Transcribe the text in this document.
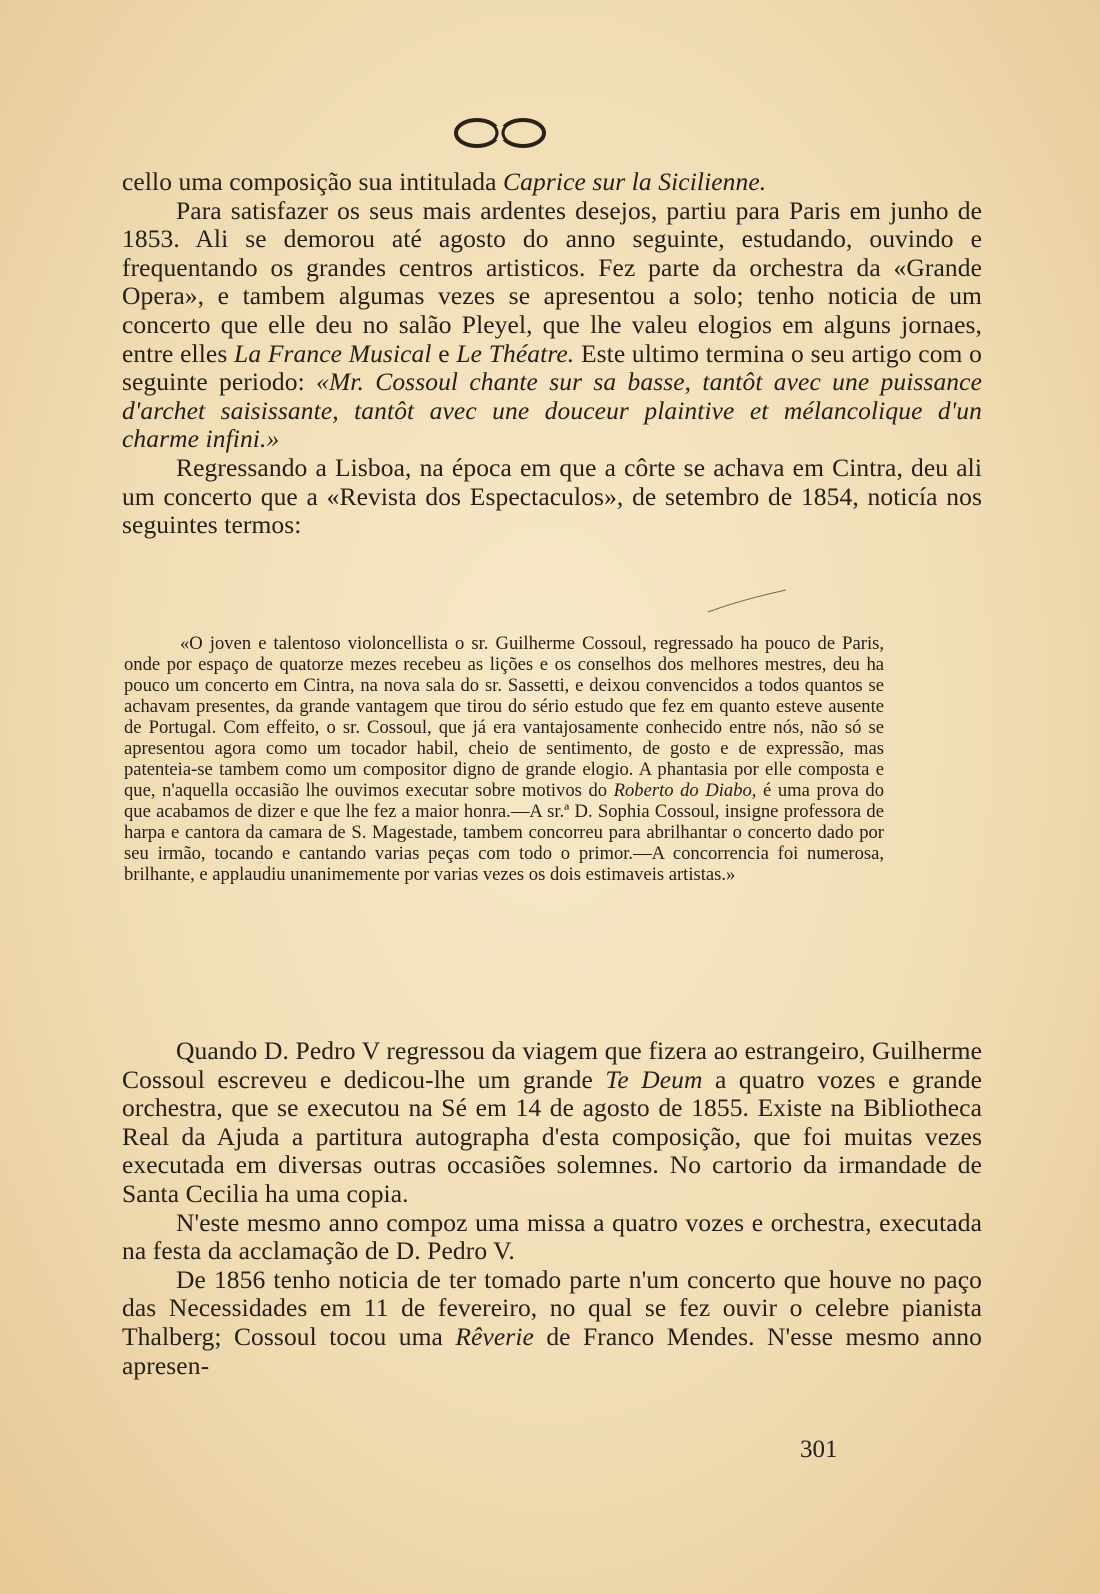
cello uma composição sua intitulada Caprice sur la Sicilienne.

Para satisfazer os seus mais ardentes desejos, partiu para Paris em junho de 1853. Ali se demorou até agosto do anno seguinte, estudando, ouvindo e frequentando os grandes centros artisticos. Fez parte da orchestra da «Grande Opera», e tambem algumas vezes se apresentou a solo; tenho noticia de um concerto que elle deu no salão Pleyel, que lhe valeu elogios em alguns jornaes, entre elles La France Musical e Le Théatre. Este ultimo termina o seu artigo com o seguinte periodo: «Mr. Cossoul chante sur sa basse, tantôt avec une puissance d'archet saisissante, tantôt avec une douceur plaintive et mélancolique d'un charme infini.»

Regressando a Lisboa, na época em que a côrte se achava em Cintra, deu ali um concerto que a «Revista dos Espectaculos», de setembro de 1854, noticía nos seguintes termos:

«O joven e talentoso violoncellista o sr. Guilherme Cossoul, regressado ha pouco de Paris, onde por espaço de quatorze mezes recebeu as lições e os conselhos dos melhores mestres, deu ha pouco um concerto em Cintra, na nova sala do sr. Sassetti, e deixou convencidos a todos quantos se achavam presentes, da grande vantagem que tirou do sério estudo que fez em quanto esteve ausente de Portugal. Com effeito, o sr. Cossoul, que já era vantajosamente conhecido entre nós, não só se apresentou agora como um tocador habil, cheio de sentimento, de gosto e de expressão, mas patenteia-se tambem como um compositor digno de grande elogio. A phantasia por elle composta e que, n'aquella occasião lhe ouvimos executar sobre motivos do Roberto do Diabo, é uma prova do que acabamos de dizer e que lhe fez a maior honra.—A sr.ª D. Sophia Cossoul, insigne professora de harpa e cantora da camara de S. Magestade, tambem concorreu para abrilhantar o concerto dado por seu irmão, tocando e cantando varias peças com todo o primor.—A concorrencia foi numerosa, brilhante, e applaudiu unanimemente por varias vezes os dois estimaveis artistas.»

Quando D. Pedro V regressou da viagem que fizera ao estrangeiro, Guilherme Cossoul escreveu e dedicou-lhe um grande Te Deum a quatro vozes e grande orchestra, que se executou na Sé em 14 de agosto de 1855. Existe na Bibliotheca Real da Ajuda a partitura autographa d'esta composição, que foi muitas vezes executada em diversas outras occasiões solemnes. No cartorio da irmandade de Santa Cecilia ha uma copia.

N'este mesmo anno compoz uma missa a quatro vozes e orchestra, executada na festa da acclamação de D. Pedro V.

De 1856 tenho noticia de ter tomado parte n'um concerto que houve no paço das Necessidades em 11 de fevereiro, no qual se fez ouvir o celebre pianista Thalberg; Cossoul tocou uma Rêverie de Franco Mendes. N'esse mesmo anno apresen-

301
